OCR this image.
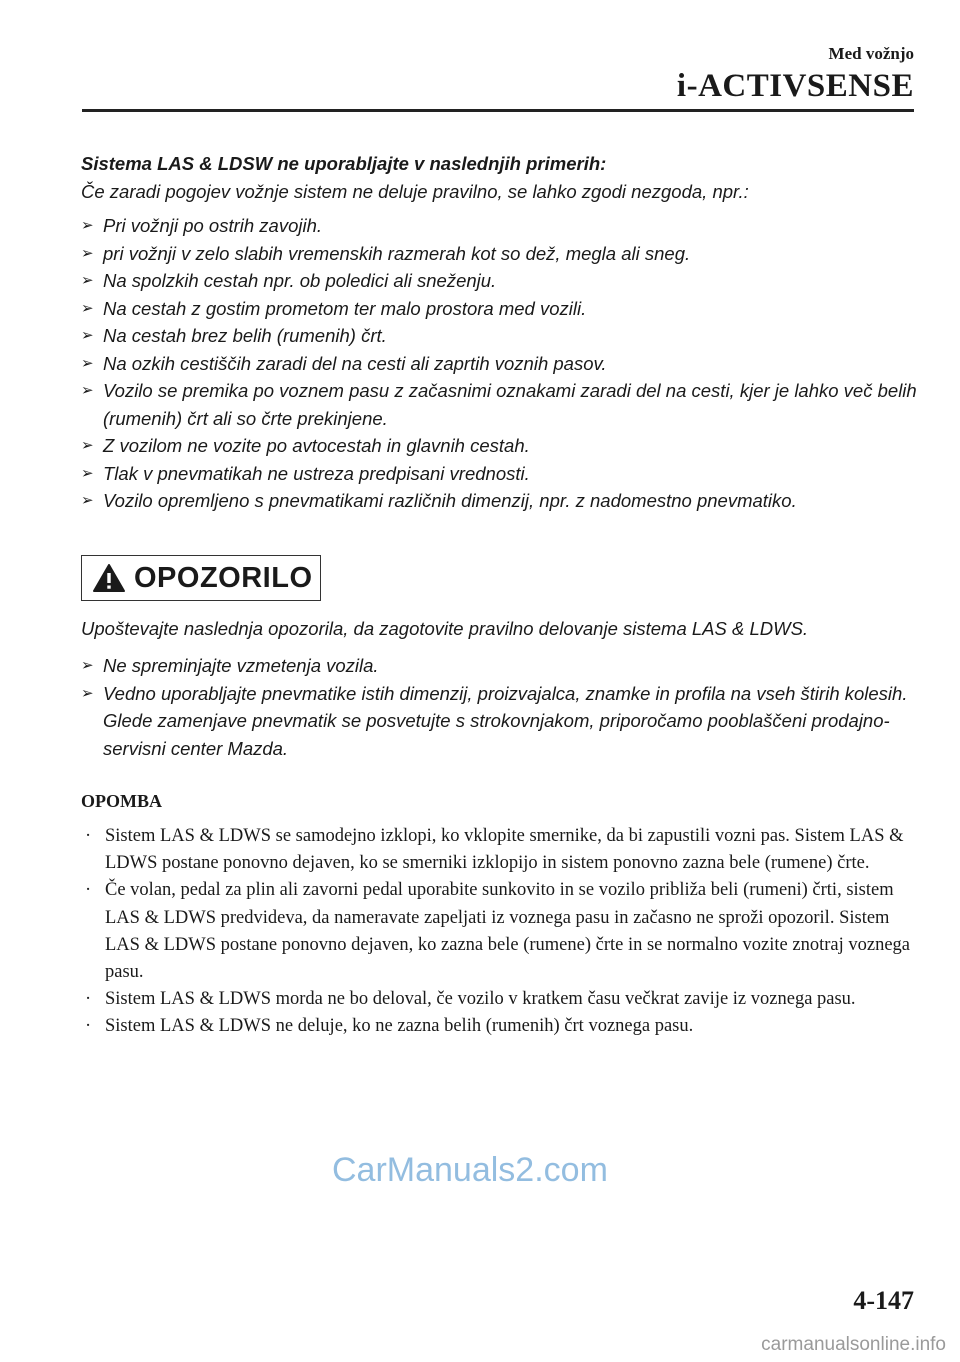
Med vožnjo
i-ACTIVSENSE
Sistema LAS & LDSW ne uporabljajte v naslednjih primerih:
Če zaradi pogojev vožnje sistem ne deluje pravilno, se lahko zgodi nezgoda, npr.:
➢ Pri vožnji po ostrih zavojih.
➢ pri vožnji v zelo slabih vremenskih razmerah kot so dež, megla ali sneg.
➢ Na spolzkih cestah npr. ob poledici ali sneženju.
➢ Na cestah z gostim prometom ter malo prostora med vozili.
➢ Na cestah brez belih (rumenih) črt.
➢ Na ozkih cestiščih zaradi del na cesti ali zaprtih voznih pasov.
➢ Vozilo se premika po voznem pasu z začasnimi oznakami zaradi del na cesti, kjer je lahko več belih (rumenih) črt ali so črte prekinjene.
➢ Z vozilom ne vozite po avtocestah in glavnih cestah.
➢ Tlak v pnevmatikah ne ustreza predpisani vrednosti.
➢ Vozilo opremljeno s pnevmatikami različnih dimenzij, npr. z nadomestno pnevmatiko.
OPOZORILO
Upoštevajte naslednja opozorila, da zagotovite pravilno delovanje sistema LAS & LDWS.
➢ Ne spreminjajte vzmetenja vozila.
➢ Vedno uporabljajte pnevmatike istih dimenzij, proizvajalca, znamke in profila na vseh štirih kolesih. Glede zamenjave pnevmatik se posvetujte s strokovnjakom, priporočamo pooblaščeni prodajno-servisni center Mazda.
OPOMBA
· Sistem LAS & LDWS se samodejno izklopi, ko vklopite smernike, da bi zapustili vozni pas. Sistem LAS & LDWS postane ponovno dejaven, ko se smerniki izklopijo in sistem ponovno zazna bele (rumene) črte.
· Če volan, pedal za plin ali zavorni pedal uporabite sunkovito in se vozilo približa beli (rumeni) črti, sistem LAS & LDWS predvideva, da nameravate zapeljati iz voznega pasu in začasno ne sproži opozoril. Sistem LAS & LDWS postane ponovno dejaven, ko zazna bele (rumene) črte in se normalno vozite znotraj voznega pasu.
· Sistem LAS & LDWS morda ne bo deloval, če vozilo v kratkem času večkrat zavije iz voznega pasu.
· Sistem LAS & LDWS ne deluje, ko ne zazna belih (rumenih) črt voznega pasu.
CarManuals2.com
4-147
carmanualsonline.info
